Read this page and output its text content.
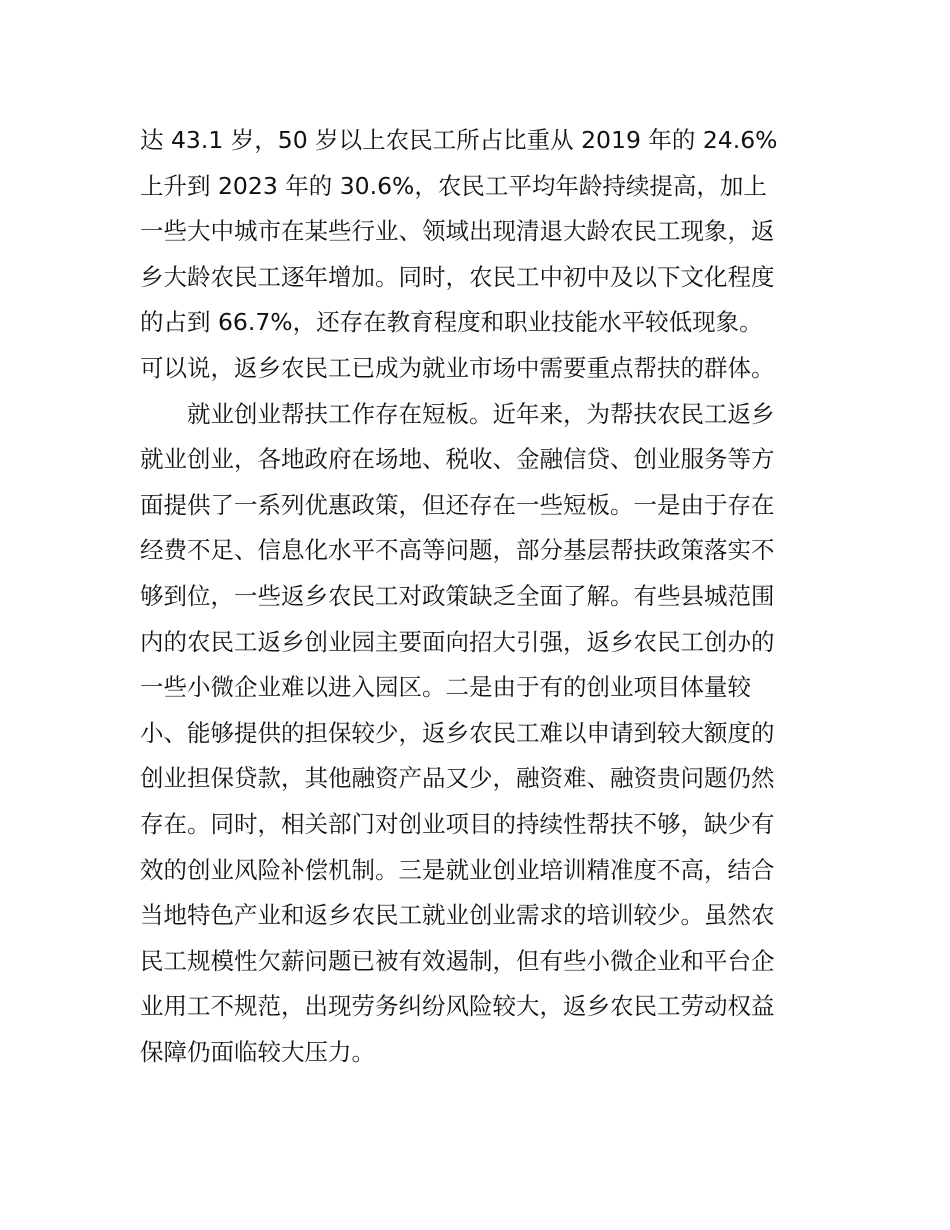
达 43.1 岁，50 岁以上农民工所占比重从 2019 年的 24.6%
上升到 2023 年的 30.6%，农民工平均年龄持续提高，加上
一些大中城市在某些行业、领域出现清退大龄农民工现象，返
乡大龄农民工逐年增加。同时，农民工中初中及以下文化程度
的占到 66.7%，还存在教育程度和职业技能水平较低现象。
可以说，返乡农民工已成为就业市场中需要重点帮扶的群体。
就业创业帮扶工作存在短板。近年来，为帮扶农民工返乡
就业创业，各地政府在场地、税收、金融信贷、创业服务等方
面提供了一系列优惠政策，但还存在一些短板。一是由于存在
经费不足、信息化水平不高等问题，部分基层帮扶政策落实不
够到位，一些返乡农民工对政策缺乏全面了解。有些县城范围
内的农民工返乡创业园主要面向招大引强，返乡农民工创办的
一些小微企业难以进入园区。二是由于有的创业项目体量较
小、能够提供的担保较少，返乡农民工难以申请到较大额度的
创业担保贷款，其他融资产品又少，融资难、融资贵问题仍然
存在。同时，相关部门对创业项目的持续性帮扶不够，缺少有
效的创业风险补偿机制。三是就业创业培训精准度不高，结合
当地特色产业和返乡农民工就业创业需求的培训较少。虽然农
民工规模性欠薪问题已被有效遏制，但有些小微企业和平台企
业用工不规范，出现劳务纠纷风险较大，返乡农民工劳动权益
保障仍面临较大压力。
